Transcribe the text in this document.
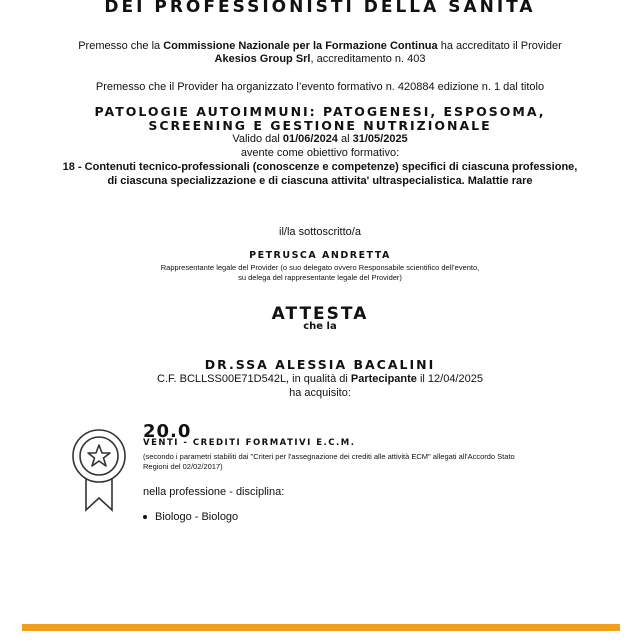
DEI PROFESSIONISTI DELLA SANITA
Premesso che la Commissione Nazionale per la Formazione Continua ha accreditato il Provider
Akesios Group Srl, accreditamento n. 403
Premesso che il Provider ha organizzato l’evento formativo n. 420884 edizione n. 1 dal titolo
PATOLOGIE AUTOIMMUNI: PATOGENESI, ESPOSOMA,
SCREENING E GESTIONE NUTRIZIONALE
Valido dal 01/06/2024 al 31/05/2025
avente come obiettivo formativo:
18 - Contenuti tecnico-professionali (conoscenze e competenze) specifici di ciascuna professione,
di ciascuna specializzazione e di ciascuna attivita' ultraspecialistica. Malattie rare
il/la sottoscritto/a
PETRUSCA ANDRETTA
Rappresentante legale del Provider (o suo delegato ovvero Responsabile scientifico dell’evento,
su delega del rappresentante legale del Provider)
ATTESTA
che la
DR.SSA ALESSIA BACALINI
C.F. BCLLSS00E71D542L, in qualità di Partecipante il 12/04/2025
ha acquisito:
20.0
VENTI - CREDITI FORMATIVI E.C.M.
(secondo i parametri stabiliti dai "Criteri per l'assegnazione dei crediti alle attività ECM" allegati all'Accordo Stato
Regioni del 02/02/2017)
nella professione - disciplina:
Biologo - Biologo
